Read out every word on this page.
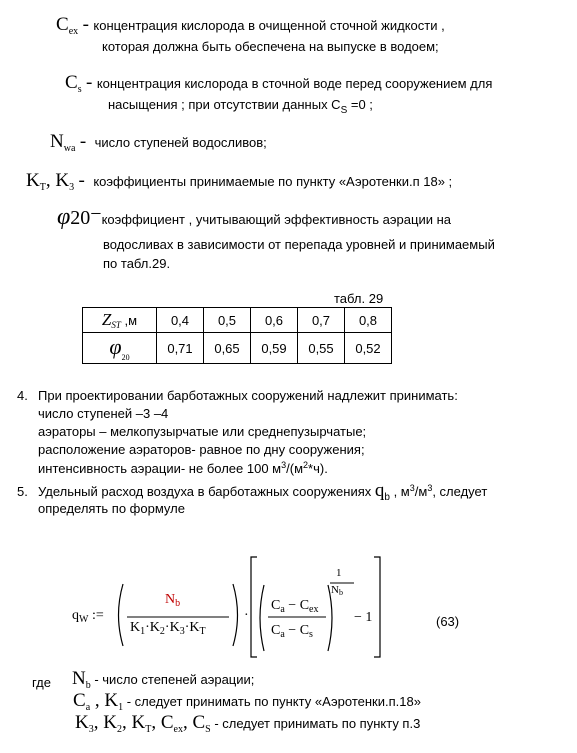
$C_{ex}$ - концентрация кислорода в очищенной сточной жидкости ,
которая должна быть обеспечена на выпуске в водоем;
$C_s$ - концентрация кислорода в сточной воде перед сооружением для
насыщения ; при отсутствии данных $C_S =0$ ;
$N_{wa}$ - число ступеней водосливов;
$K_T$, $K_3$ - коэффициенты принимаемые по пункту «Аэротенки.п 18» ;
φ20−коэффициент , учитывающий эффективность аэрации на
водосливах в зависимости от перепада уровней и принимаемый
по табл.29.
табл. 29
$Z_{ST}$ ,м	0,4	0,5	0,6	0,7	0,8
$\varphi_{20}$	0,71	0,65	0,59	0,55	0,52
4. При проектировании барботажных сооружений надлежит принимать:
число ступеней –3 –4
аэраторы – мелкопузырчатые или среднепузырчатые;
расположение аэраторов- равное по дну сооружения;
интенсивность аэрации- не более 100 $м^3/(м^2*ч)$.
5. Удельный расход воздуха в барботажных сооружениях $q_b$ , $м^3/м^3$, следует
определять по формуле
$q_W$ :=
$N_b$
$K_1\cdot K_2\cdot K_3\cdot K_T$
·
$C_a - C_{ex}$
$C_a - C_s$
1
Nb
− 1	(63)
где $N_b$ - число степеней аэрации;
$C_a$ , $K_1$ - следует принимать по пункту «Аэротенки.п.18»
$K_3$, $K_2$, $K_T$, $C_{ex}$, $C_S$ - следует принимать по пункту п.3
